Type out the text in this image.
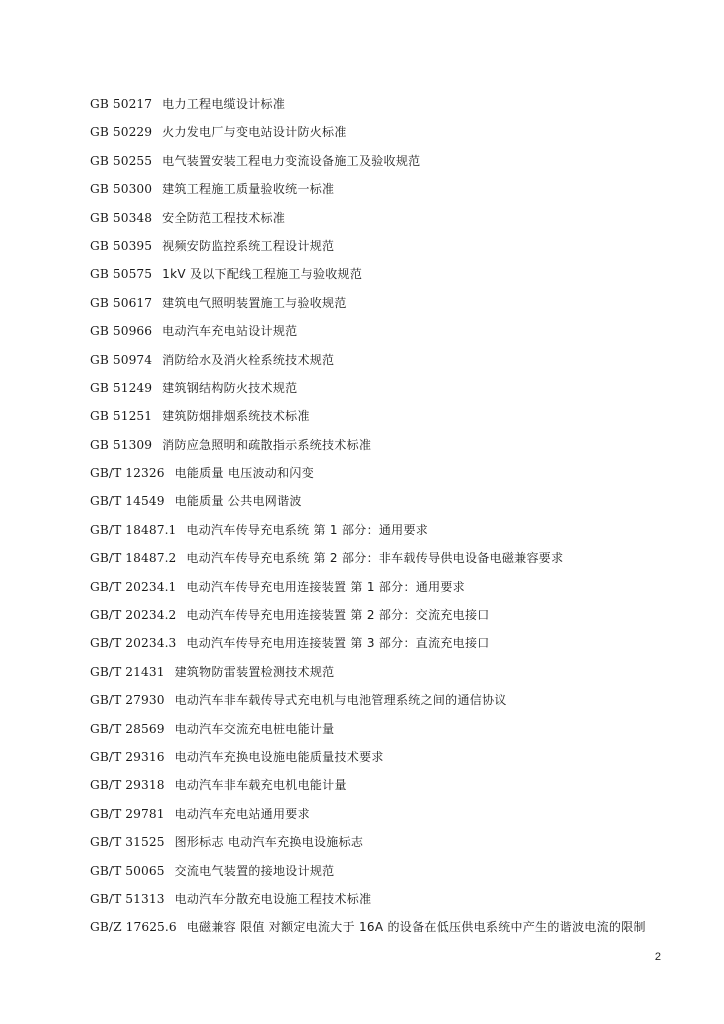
GB 50217 电力工程电缆设计标准
GB 50229 火力发电厂与变电站设计防火标准
GB 50255 电气装置安装工程电力变流设备施工及验收规范
GB 50300 建筑工程施工质量验收统一标准
GB 50348 安全防范工程技术标准
GB 50395 视频安防监控系统工程设计规范
GB 50575 1kV 及以下配线工程施工与验收规范
GB 50617 建筑电气照明装置施工与验收规范
GB 50966 电动汽车充电站设计规范
GB 50974 消防给水及消火栓系统技术规范
GB 51249 建筑钢结构防火技术规范
GB 51251 建筑防烟排烟系统技术标准
GB 51309 消防应急照明和疏散指示系统技术标准
GB/T 12326 电能质量 电压波动和闪变
GB/T 14549 电能质量 公共电网谐波
GB/T 18487.1 电动汽车传导充电系统 第 1 部分：通用要求
GB/T 18487.2 电动汽车传导充电系统 第 2 部分：非车载传导供电设备电磁兼容要求
GB/T 20234.1 电动汽车传导充电用连接装置 第 1 部分：通用要求
GB/T 20234.2 电动汽车传导充电用连接装置 第 2 部分：交流充电接口
GB/T 20234.3 电动汽车传导充电用连接装置 第 3 部分：直流充电接口
GB/T 21431 建筑物防雷装置检测技术规范
GB/T 27930 电动汽车非车载传导式充电机与电池管理系统之间的通信协议
GB/T 28569 电动汽车交流充电桩电能计量
GB/T 29316 电动汽车充换电设施电能质量技术要求
GB/T 29318 电动汽车非车载充电机电能计量
GB/T 29781 电动汽车充电站通用要求
GB/T 31525 图形标志 电动汽车充换电设施标志
GB/T 50065 交流电气装置的接地设计规范
GB/T 51313 电动汽车分散充电设施工程技术标准
GB/Z 17625.6 电磁兼容 限值 对额定电流大于 16A 的设备在低压供电系统中产生的谐波电流的限制
2
